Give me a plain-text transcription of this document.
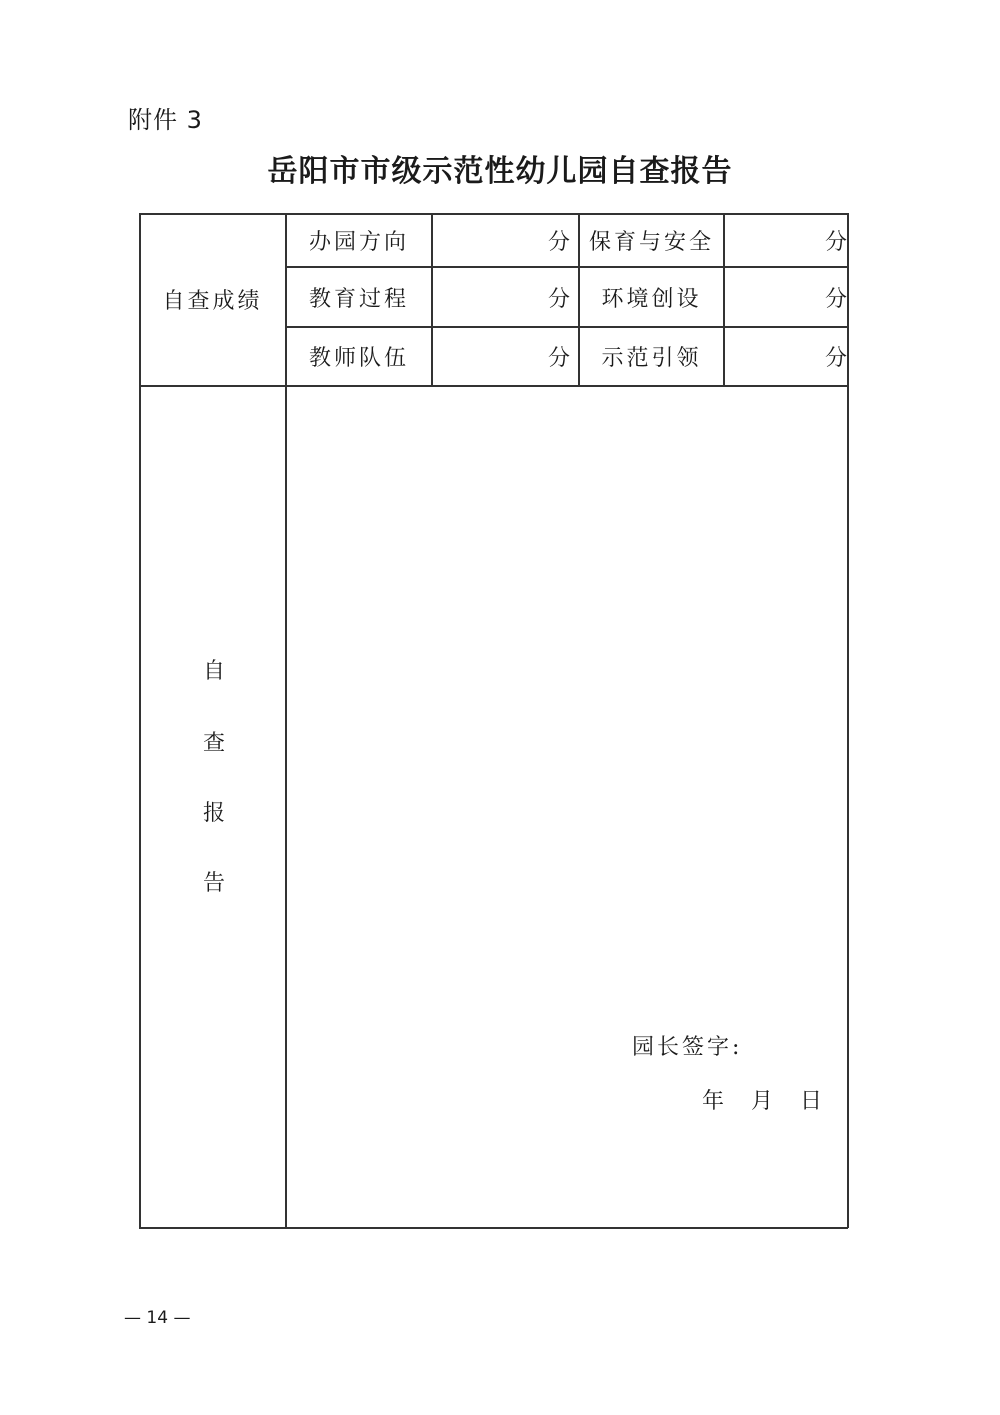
附件 3
岳阳市市级示范性幼儿园自查报告
自查成绩
办园方向	分 保育与安全	分
教育过程	分	环境创设	分
教师队伍	分	示范引领	分
自
查
报
告
园长签字:
年 月 日
— 14 —
